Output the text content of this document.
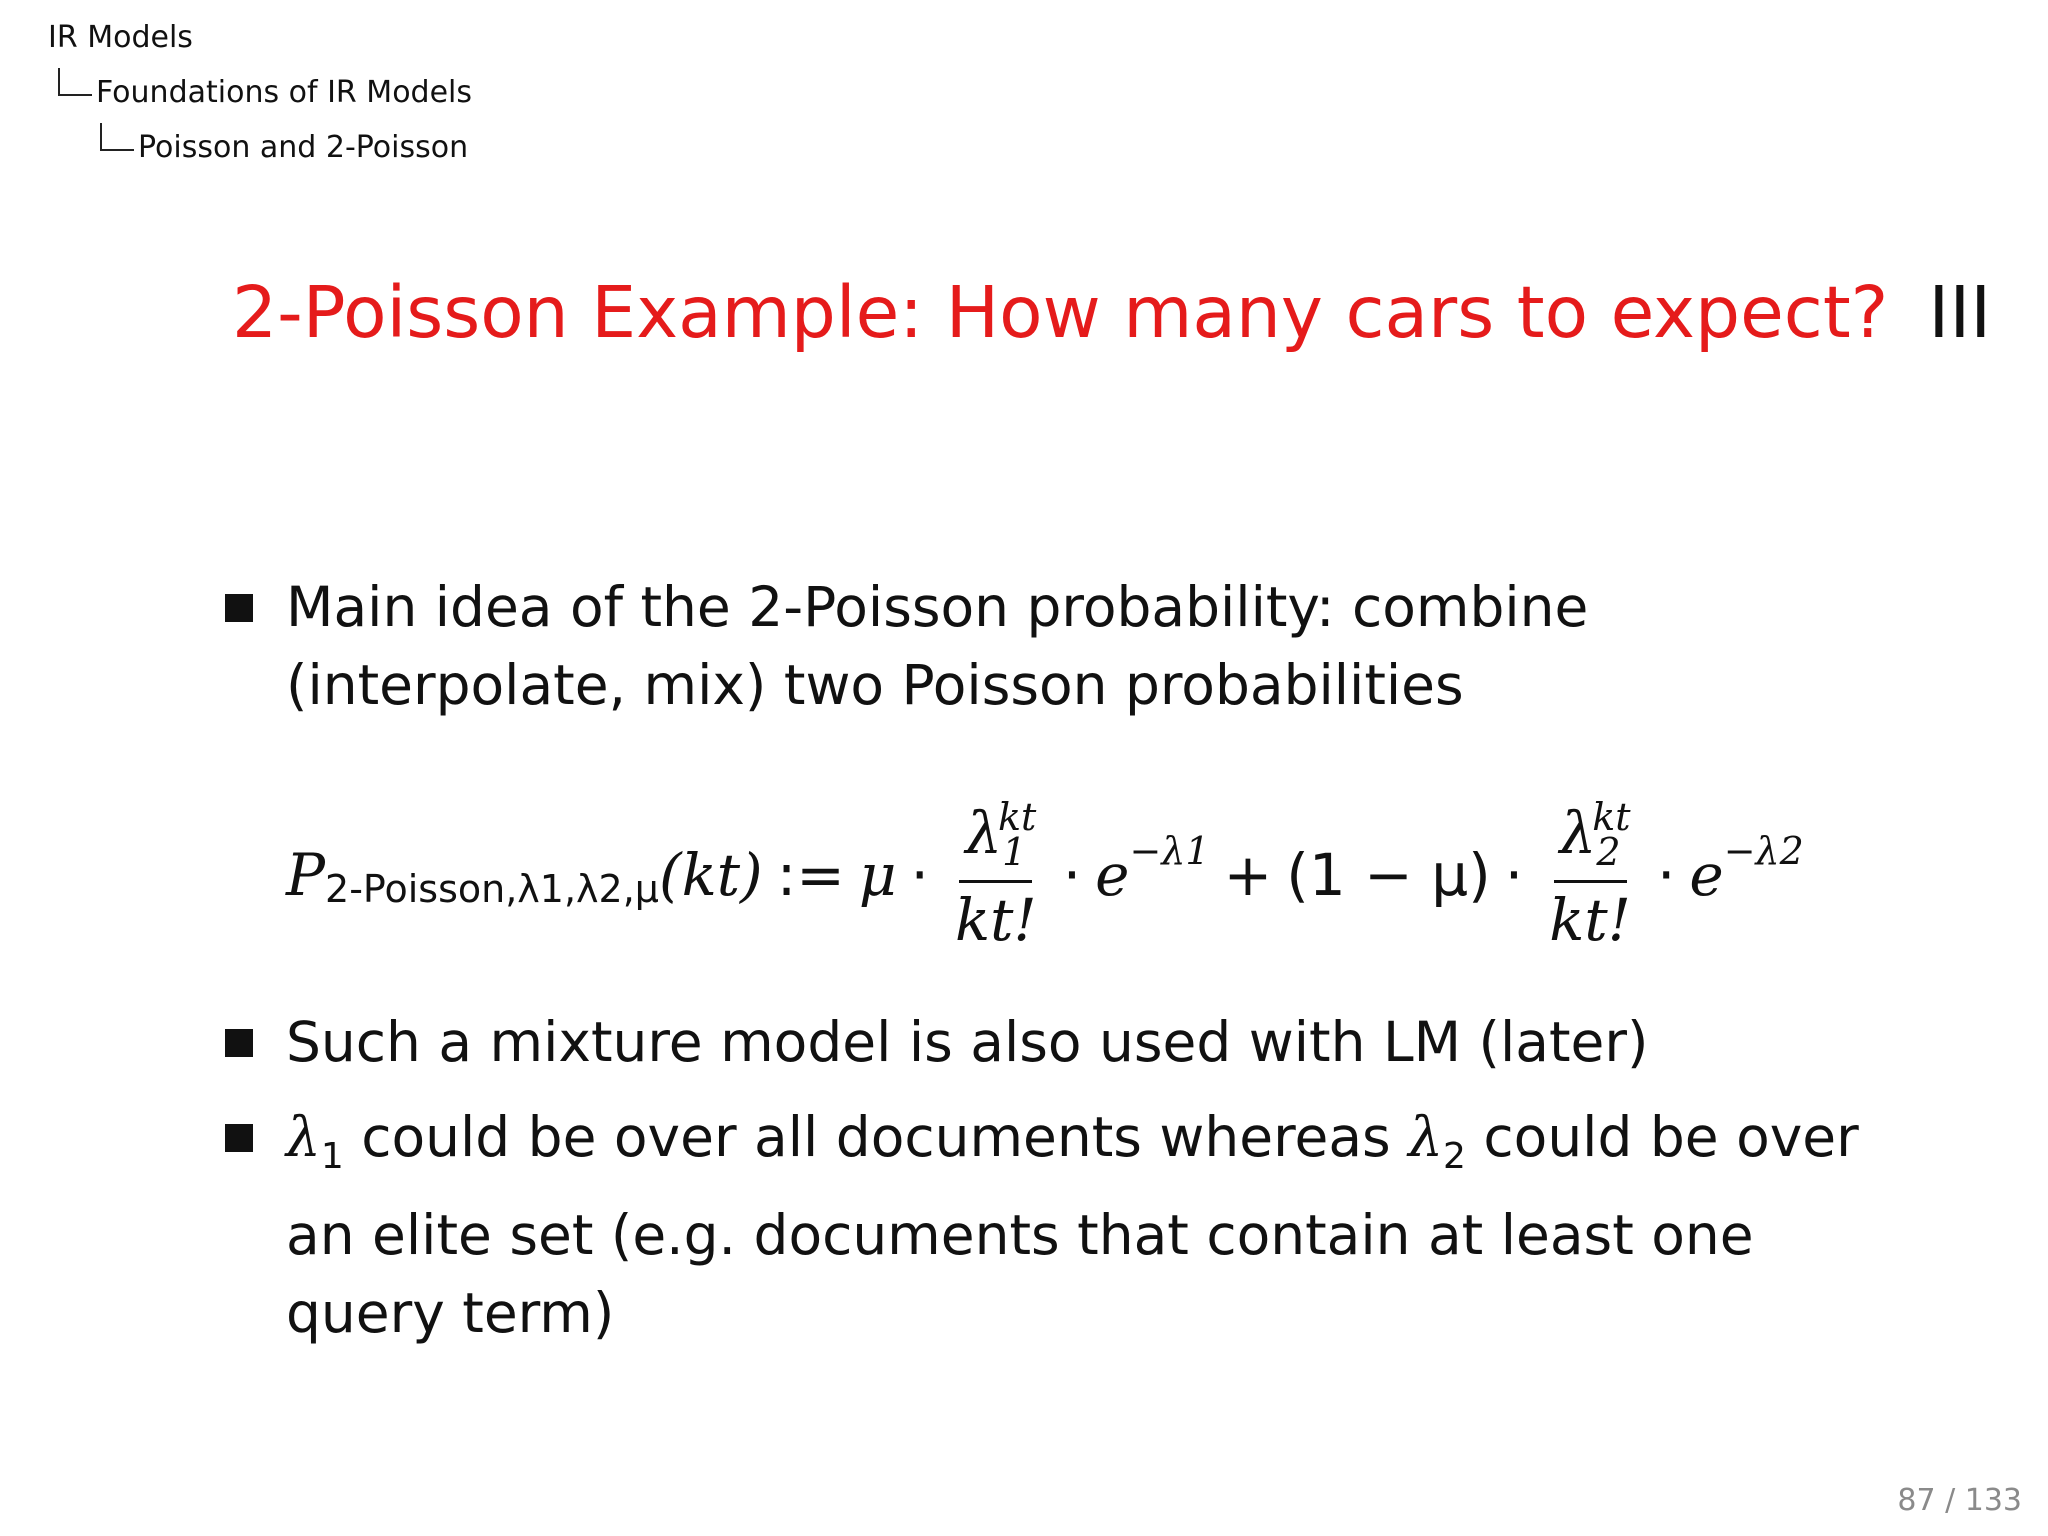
IR Models
Foundations of IR Models
Poisson and 2-Poisson
2-Poisson Example: How many cars to expect? III
Main idea of the 2-Poisson probability: combine (interpolate, mix) two Poisson probabilities
P 2-Poisson,λ1,λ2,μ (kt) := $\mu \cdot \lambda_1$
kt
kt! · $e -\lambda 1 + (1 - \mu) \cdot \lambda_2$
kt
kt! · e −λ2
Such a mixture model is also used with LM (later)
$\lambda_1$ could be over all documents whereas $\lambda_2$ could be over an elite set (e.g. documents that contain at least one query term)
87 / 133
